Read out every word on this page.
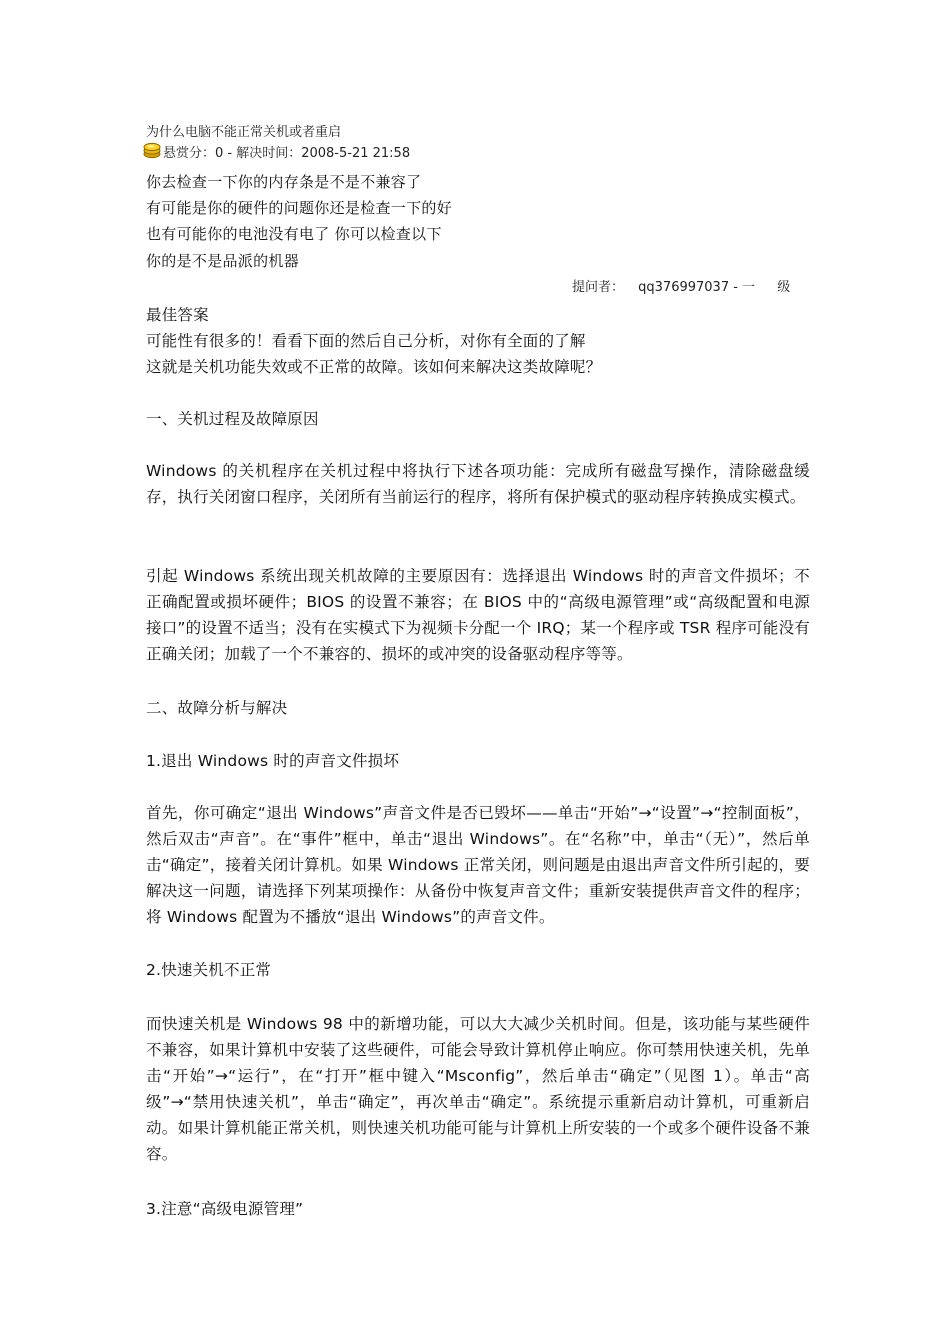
为什么电脑不能正常关机或者重启
悬赏分：0 - 解决时间：2008-5-21 21:58
你去检查一下你的内存条是不是不兼容了
有可能是你的硬件的问题你还是检查一下的好
也有可能你的电池没有电了 你可以检查以下
你的是不是品派的机器
提问者： qq376997037 - 一 级

最佳答案

可能性有很多的！看看下面的然后自己分析，对你有全面的了解

这就是关机功能失效或不正常的故障。该如何来解决这类故障呢？

一、关机过程及故障原因

Windows 的关机程序在关机过程中将执行下述各项功能：完成所有磁盘写操作，清除磁盘缓存，执行关闭窗口程序，关闭所有当前运行的程序，将所有保护模式的驱动程序转换成实模式。

引起 Windows 系统出现关机故障的主要原因有：选择退出 Windows 时的声音文件损坏；不正确配置或损坏硬件；BIOS 的设置不兼容；在 BIOS 中的“高级电源管理”或“高级配置和电源接口”的设置不适当；没有在实模式下为视频卡分配一个 IRQ；某一个程序或 TSR 程序可能没有正确关闭；加载了一个不兼容的、损坏的或冲突的设备驱动程序等等。

二、故障分析与解决

1.退出 Windows 时的声音文件损坏

首先，你可确定“退出 Windows”声音文件是否已毁坏——单击“开始”→“设置”→“控制面板”，然后双击“声音”。在“事件”框中，单击“退出 Windows”。在“名称”中，单击“（无）”，然后单击“确定”，接着关闭计算机。如果 Windows 正常关闭，则问题是由退出声音文件所引起的，要解决这一问题，请选择下列某项操作：从备份中恢复声音文件；重新安装提供声音文件的程序；将 Windows 配置为不播放“退出 Windows”的声音文件。

2.快速关机不正常

而快速关机是 Windows 98 中的新增功能，可以大大减少关机时间。但是，该功能与某些硬件不兼容，如果计算机中安装了这些硬件，可能会导致计算机停止响应。你可禁用快速关机，先单击“开始”→“运行”，在“打开”框中键入“Msconfig”，然后单击“确定”（见图 1）。单击“高级”→“禁用快速关机”，单击“确定”，再次单击“确定”。系统提示重新启动计算机，可重新启动。如果计算机能正常关机，则快速关机功能可能与计算机上所安装的一个或多个硬件设备不兼容。

3.注意“高级电源管理”
